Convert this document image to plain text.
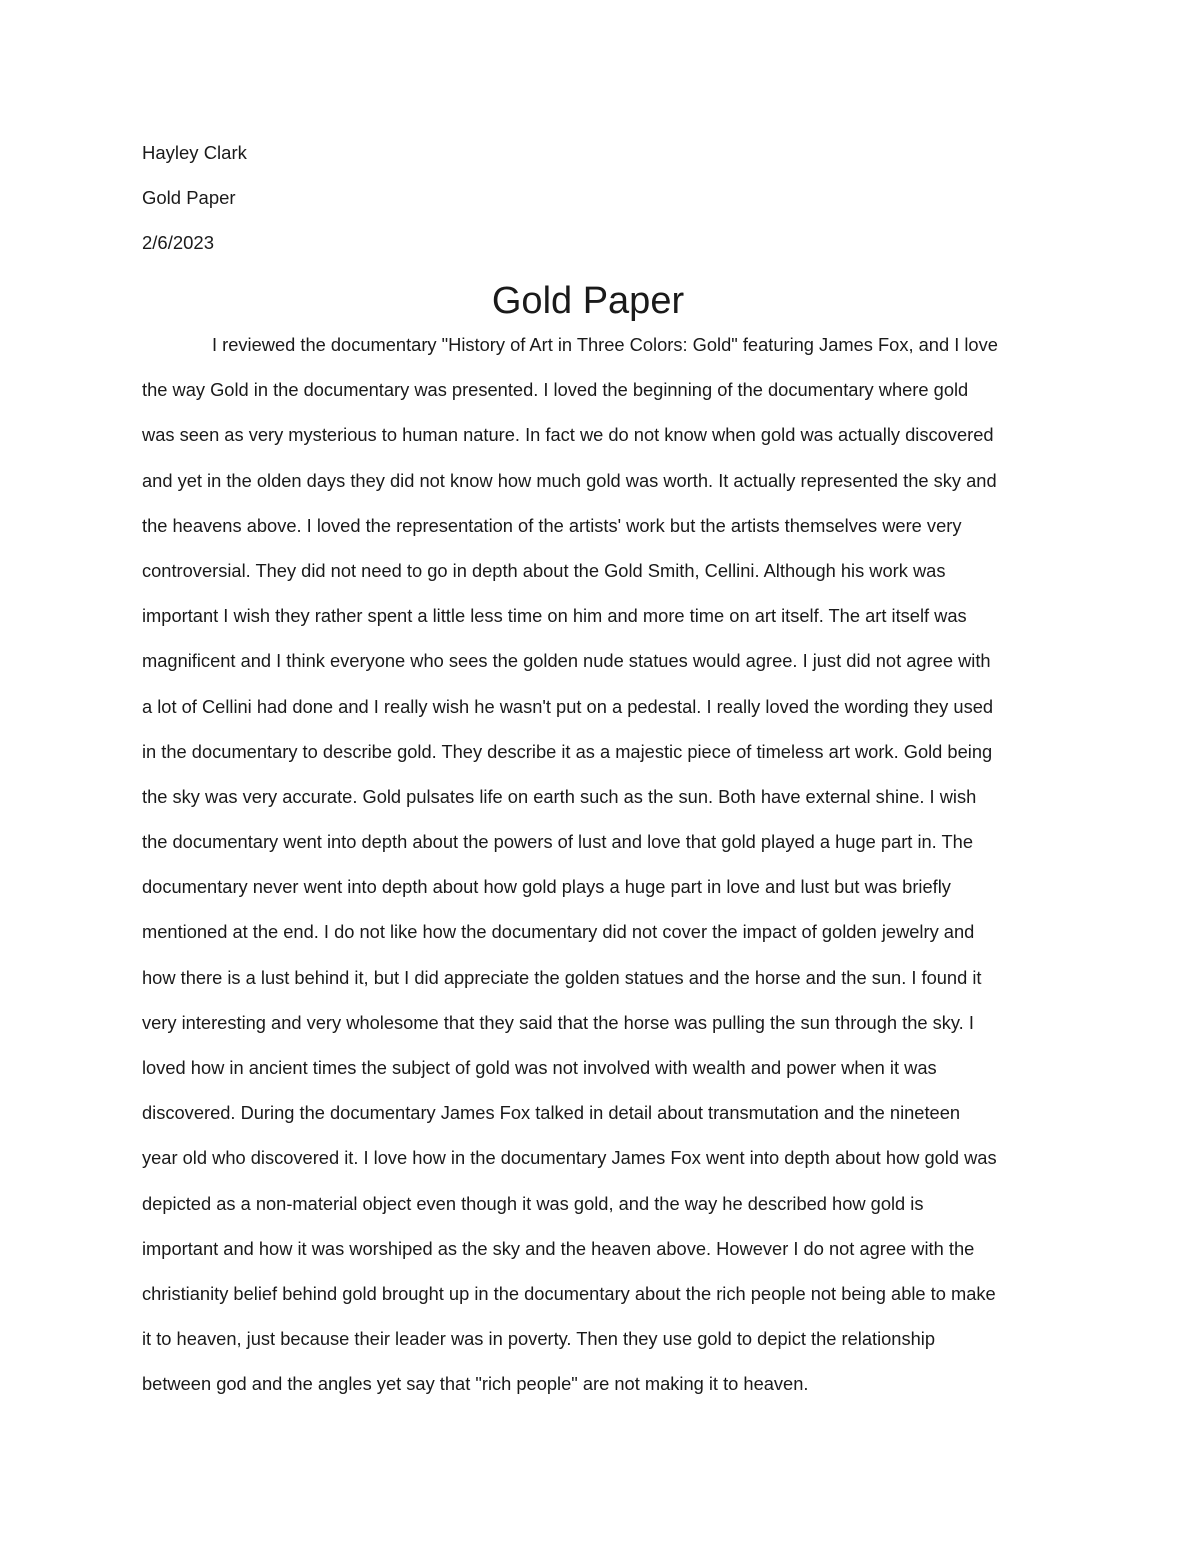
Hayley Clark
Gold Paper
2/6/2023
Gold Paper
I reviewed the documentary "History of Art in Three Colors: Gold" featuring James Fox, and I love
the way Gold in the documentary was presented. I loved the beginning of the documentary where gold
was seen as very mysterious to human nature. In fact we do not know when gold was actually discovered
and yet in the olden days they did not know how much gold was worth. It actually represented the sky and
the heavens above. I loved the representation of the artists' work but the artists themselves were very
controversial. They did not need to go in depth about the Gold Smith, Cellini. Although his work was
important I wish they rather spent a little less time on him and more time on art itself. The art itself was
magnificent and I think everyone who sees the golden nude statues would agree. I just did not agree with
a lot of Cellini had done and I really wish he wasn't put on a pedestal. I really loved the wording they used
in the documentary to describe gold. They describe it as a majestic piece of timeless art work. Gold being
the sky was very accurate. Gold pulsates life on earth such as the sun. Both have external shine. I wish
the documentary went into depth about the powers of lust and love that gold played a huge part in. The
documentary never went into depth about how gold plays a huge part in love and lust but was briefly
mentioned at the end. I do not like how the documentary did not cover the impact of golden jewelry and
how there is a lust behind it, but I did appreciate the golden statues and the horse and the sun. I found it
very interesting and very wholesome that they said that the horse was pulling the sun through the sky. I
loved how in ancient times the subject of gold was not involved with wealth and power when it was
discovered. During the documentary James Fox talked in detail about transmutation and the nineteen
year old who discovered it. I love how in the documentary James Fox went into depth about how gold was
depicted as a non-material object even though it was gold, and the way he described how gold is
important and how it was worshiped as the sky and the heaven above. However I do not agree with the
christianity belief behind gold brought up in the documentary about the rich people not being able to make
it to heaven, just because their leader was in poverty. Then they use gold to depict the relationship
between god and the angles yet say that "rich people" are not making it to heaven.
